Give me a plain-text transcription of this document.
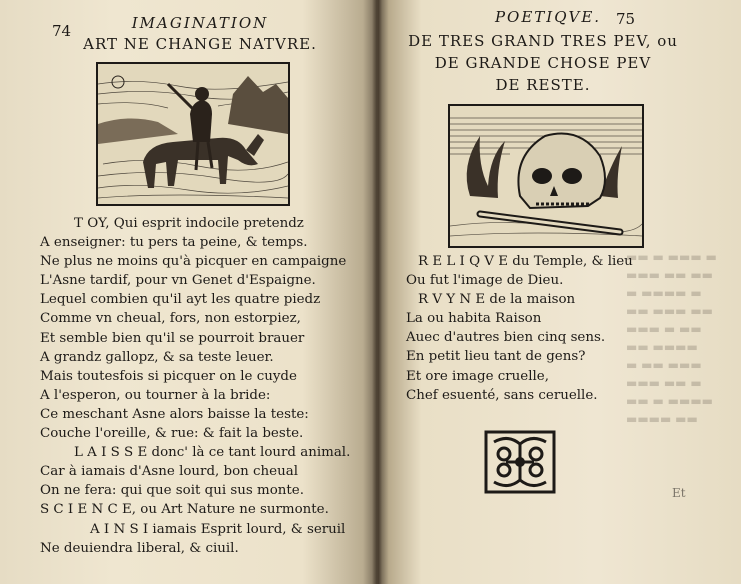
74	IMAGINATION
ART NE CHANGE NATVRE.
T OY, Qui esprit indocile pretendz
A enseigner: tu pers ta peine, & temps.
Ne plus ne moins qu'à picquer en campaigne
L'Asne tardif, pour vn Genet d'Espaigne.
Lequel combien qu'il ayt les quatre piedz
Comme vn cheual, fors, non estorpiez,
Et semble bien qu'il se pourroit brauer
A grandz gallopz, & sa teste leuer.
Mais toutesfois si picquer on le cuyde
A l'esperon, ou tourner à la bride:
Ce meschant Asne alors baisse la teste:
Couche l'oreille, & rue: & fait la beste.
L A I S S E donc' là ce tant lourd animal.
Car à iamais d'Asne lourd, bon cheual
On ne fera: qui que soit qui sus monte.
S C I E N C E, ou Art Nature ne surmonte.
A I N S I iamais Esprit lourd, & seruil
Ne deuiendra liberal, & ciuil.
POETIQVE. 75
DE TRES GRAND TRES PEV, ou
DE GRANDE CHOSE PEV
DE RESTE.
R E L I Q V E du Temple, & lieu
Ou fut l'image de Dieu.
R V Y N E de la maison
La ou habita Raison
Auec d'autres bien cinq sens.
En petit lieu tant de gens?
Et ore image cruelle,
Chef esuenté, sans ceruelle.
▬▬ ▬ ▬▬▬ ▬
▬▬▬ ▬▬ ▬▬
▬ ▬▬▬▬ ▬
▬▬ ▬▬▬ ▬▬
▬▬▬ ▬ ▬▬
▬▬ ▬▬▬▬
▬ ▬▬ ▬▬▬
▬▬▬ ▬▬ ▬
▬▬ ▬ ▬▬▬▬
▬▬▬▬ ▬▬
Et
